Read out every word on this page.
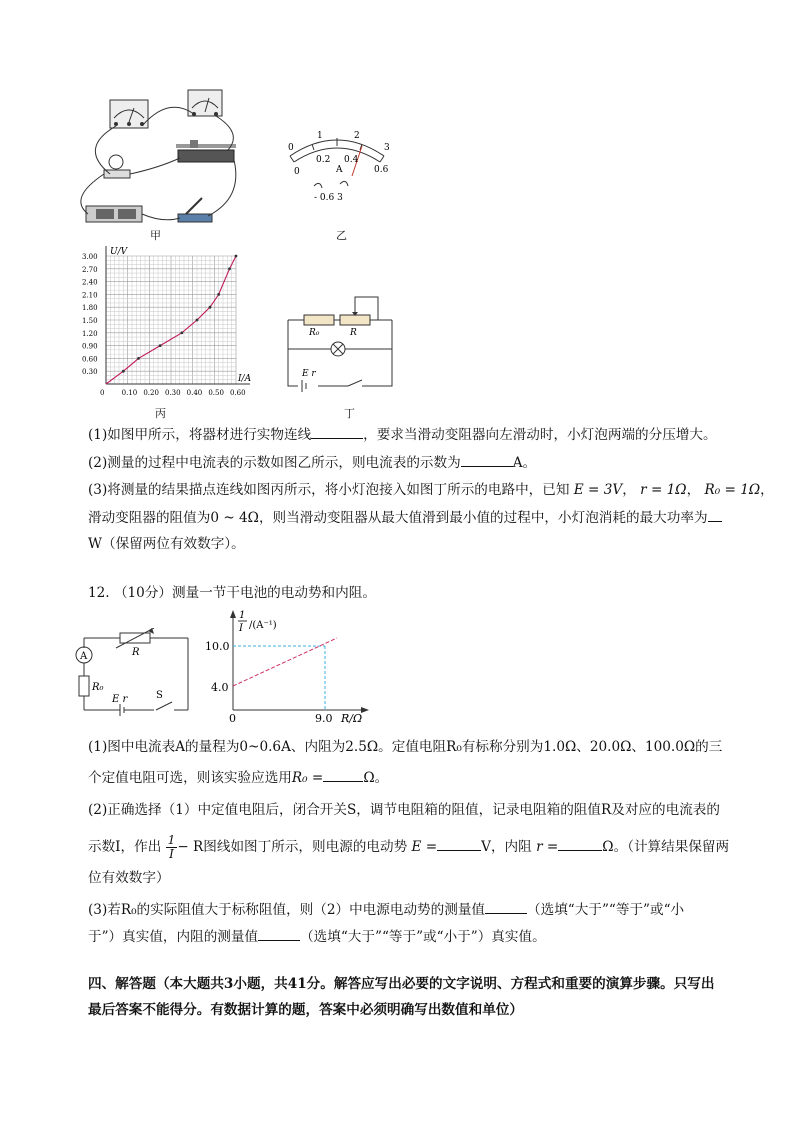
甲
0
1	2
3
0
0.2 0.4
0.6
A
- 0.6 3
乙
0 0.10 0.20 0.30 0.40 0.50 0.60
0.30
0.60
0.90
1.20
1.50
1.80
2.10
2.40
2.70
3.00
I/A
U/V
丙
R₀	R
E r
丁
(1)如图甲所示，将器材进行实物连线	，要求当滑动变阻器向左滑动时，小灯泡两端的分压增大。
(2)测量的过程中电流表的示数如图乙所示，则电流表的示数为	A。
(3)将测量的结果描点连线如图丙所示，将小灯泡接入如图丁所示的电路中，已知 E = 3V， r = 1Ω， R₀ = 1Ω，
滑动变阻器的阻值为0 ~ 4Ω，则当滑动变阻器从最大值滑到最小值的过程中，小灯泡消耗的最大功率为
W（保留两位有效数字）。
12. （10分）测量一节干电池的电动势和内阻。
A	R
R₀
E r	S
1
I /(A⁻¹)
10.0
4.0
0	9.0 R/Ω
(1)图中电流表A的量程为0~0.6A、内阻为2.5Ω。定值电阻R₀有标称分别为1.0Ω、20.0Ω、100.0Ω的三
个定值电阻可选，则该实验应选用R₀ =	Ω。
(2)正确选择（1）中定值电阻后，闭合开关S，调节电阻箱的阻值，记录电阻箱的阻值R及对应的电流表的
示数I，作出 $\frac{1}{I} - R$图线如图丁所示，则电源的电动势 E =	V，内阻 r =	Ω。（计算结果保留两
位有效数字）
(3)若R₀的实际阻值大于标称阻值，则（2）中电源电动势的测量值	（选填“大于”“等于”或“小
于”）真实值，内阻的测量值	（选填“大于”“等于”或“小于”）真实值。
四、解答题（本大题共3小题，共41分。解答应写出必要的文字说明、方程式和重要的演算步骤。只写出
最后答案不能得分。有数据计算的题，答案中必须明确写出数值和单位）
